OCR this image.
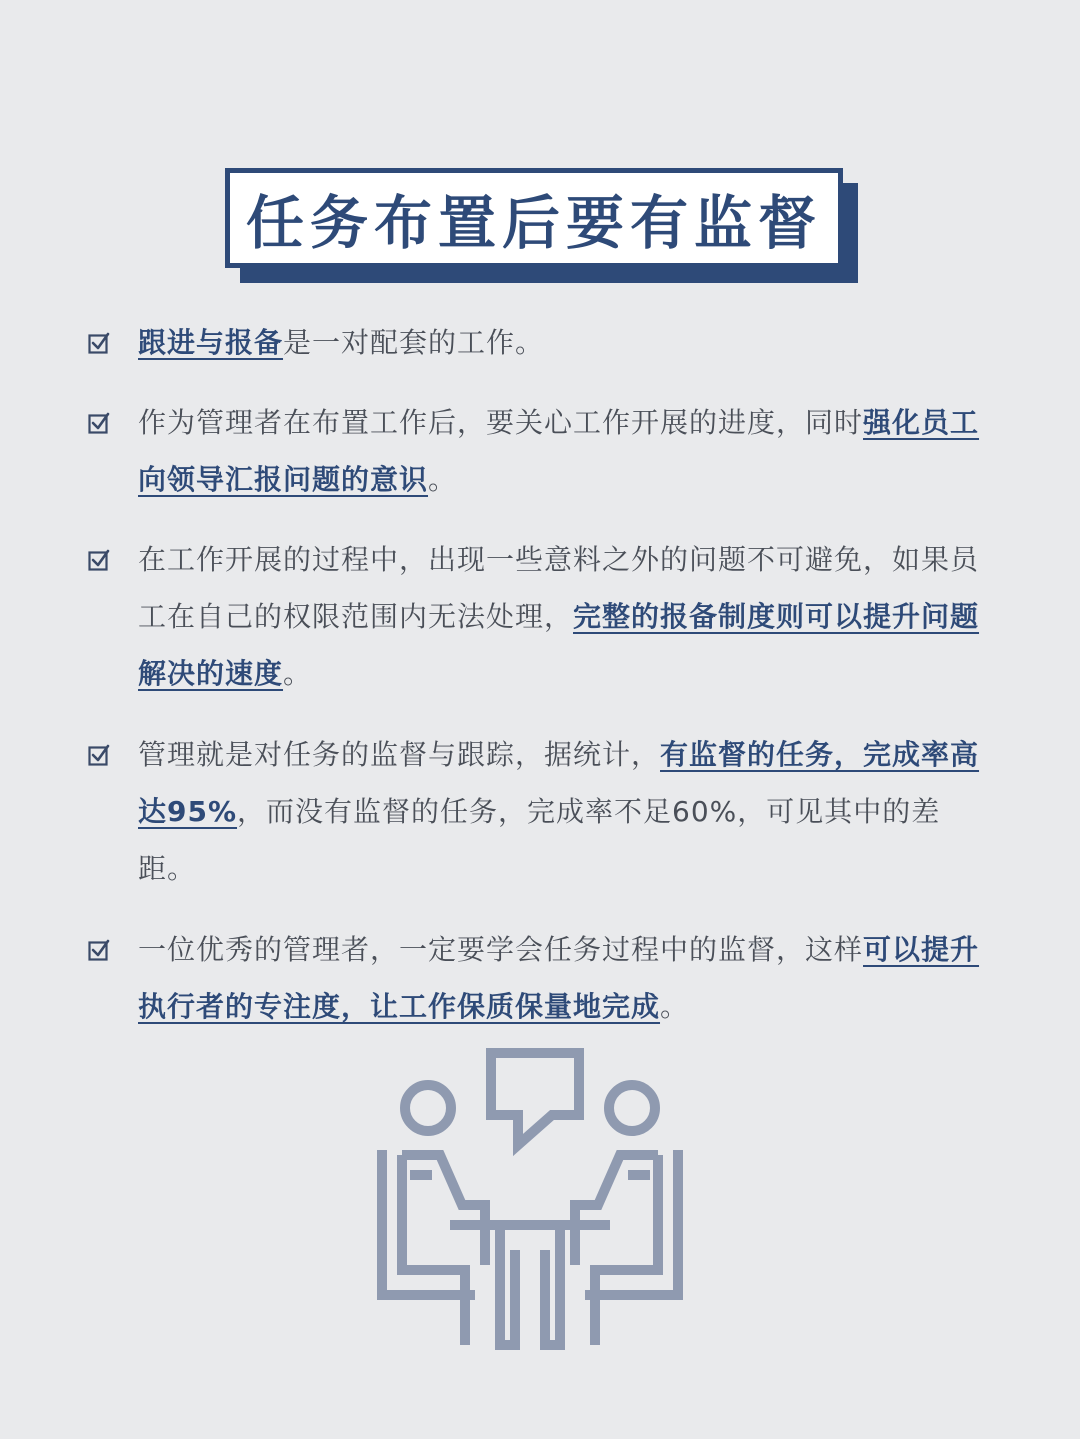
任务布置后要有监督
跟进与报备是一对配套的工作。
作为管理者在布置工作后，要关心工作开展的进度，同时强化员工向领导汇报问题的意识。
在工作开展的过程中，出现一些意料之外的问题不可避免，如果员工在自己的权限范围内无法处理，完整的报备制度则可以提升问题解决的速度。
管理就是对任务的监督与跟踪，据统计，有监督的任务，完成率高达95%，而没有监督的任务，完成率不足60%，可见其中的差距。
一位优秀的管理者，一定要学会任务过程中的监督，这样可以提升执行者的专注度，让工作保质保量地完成。
